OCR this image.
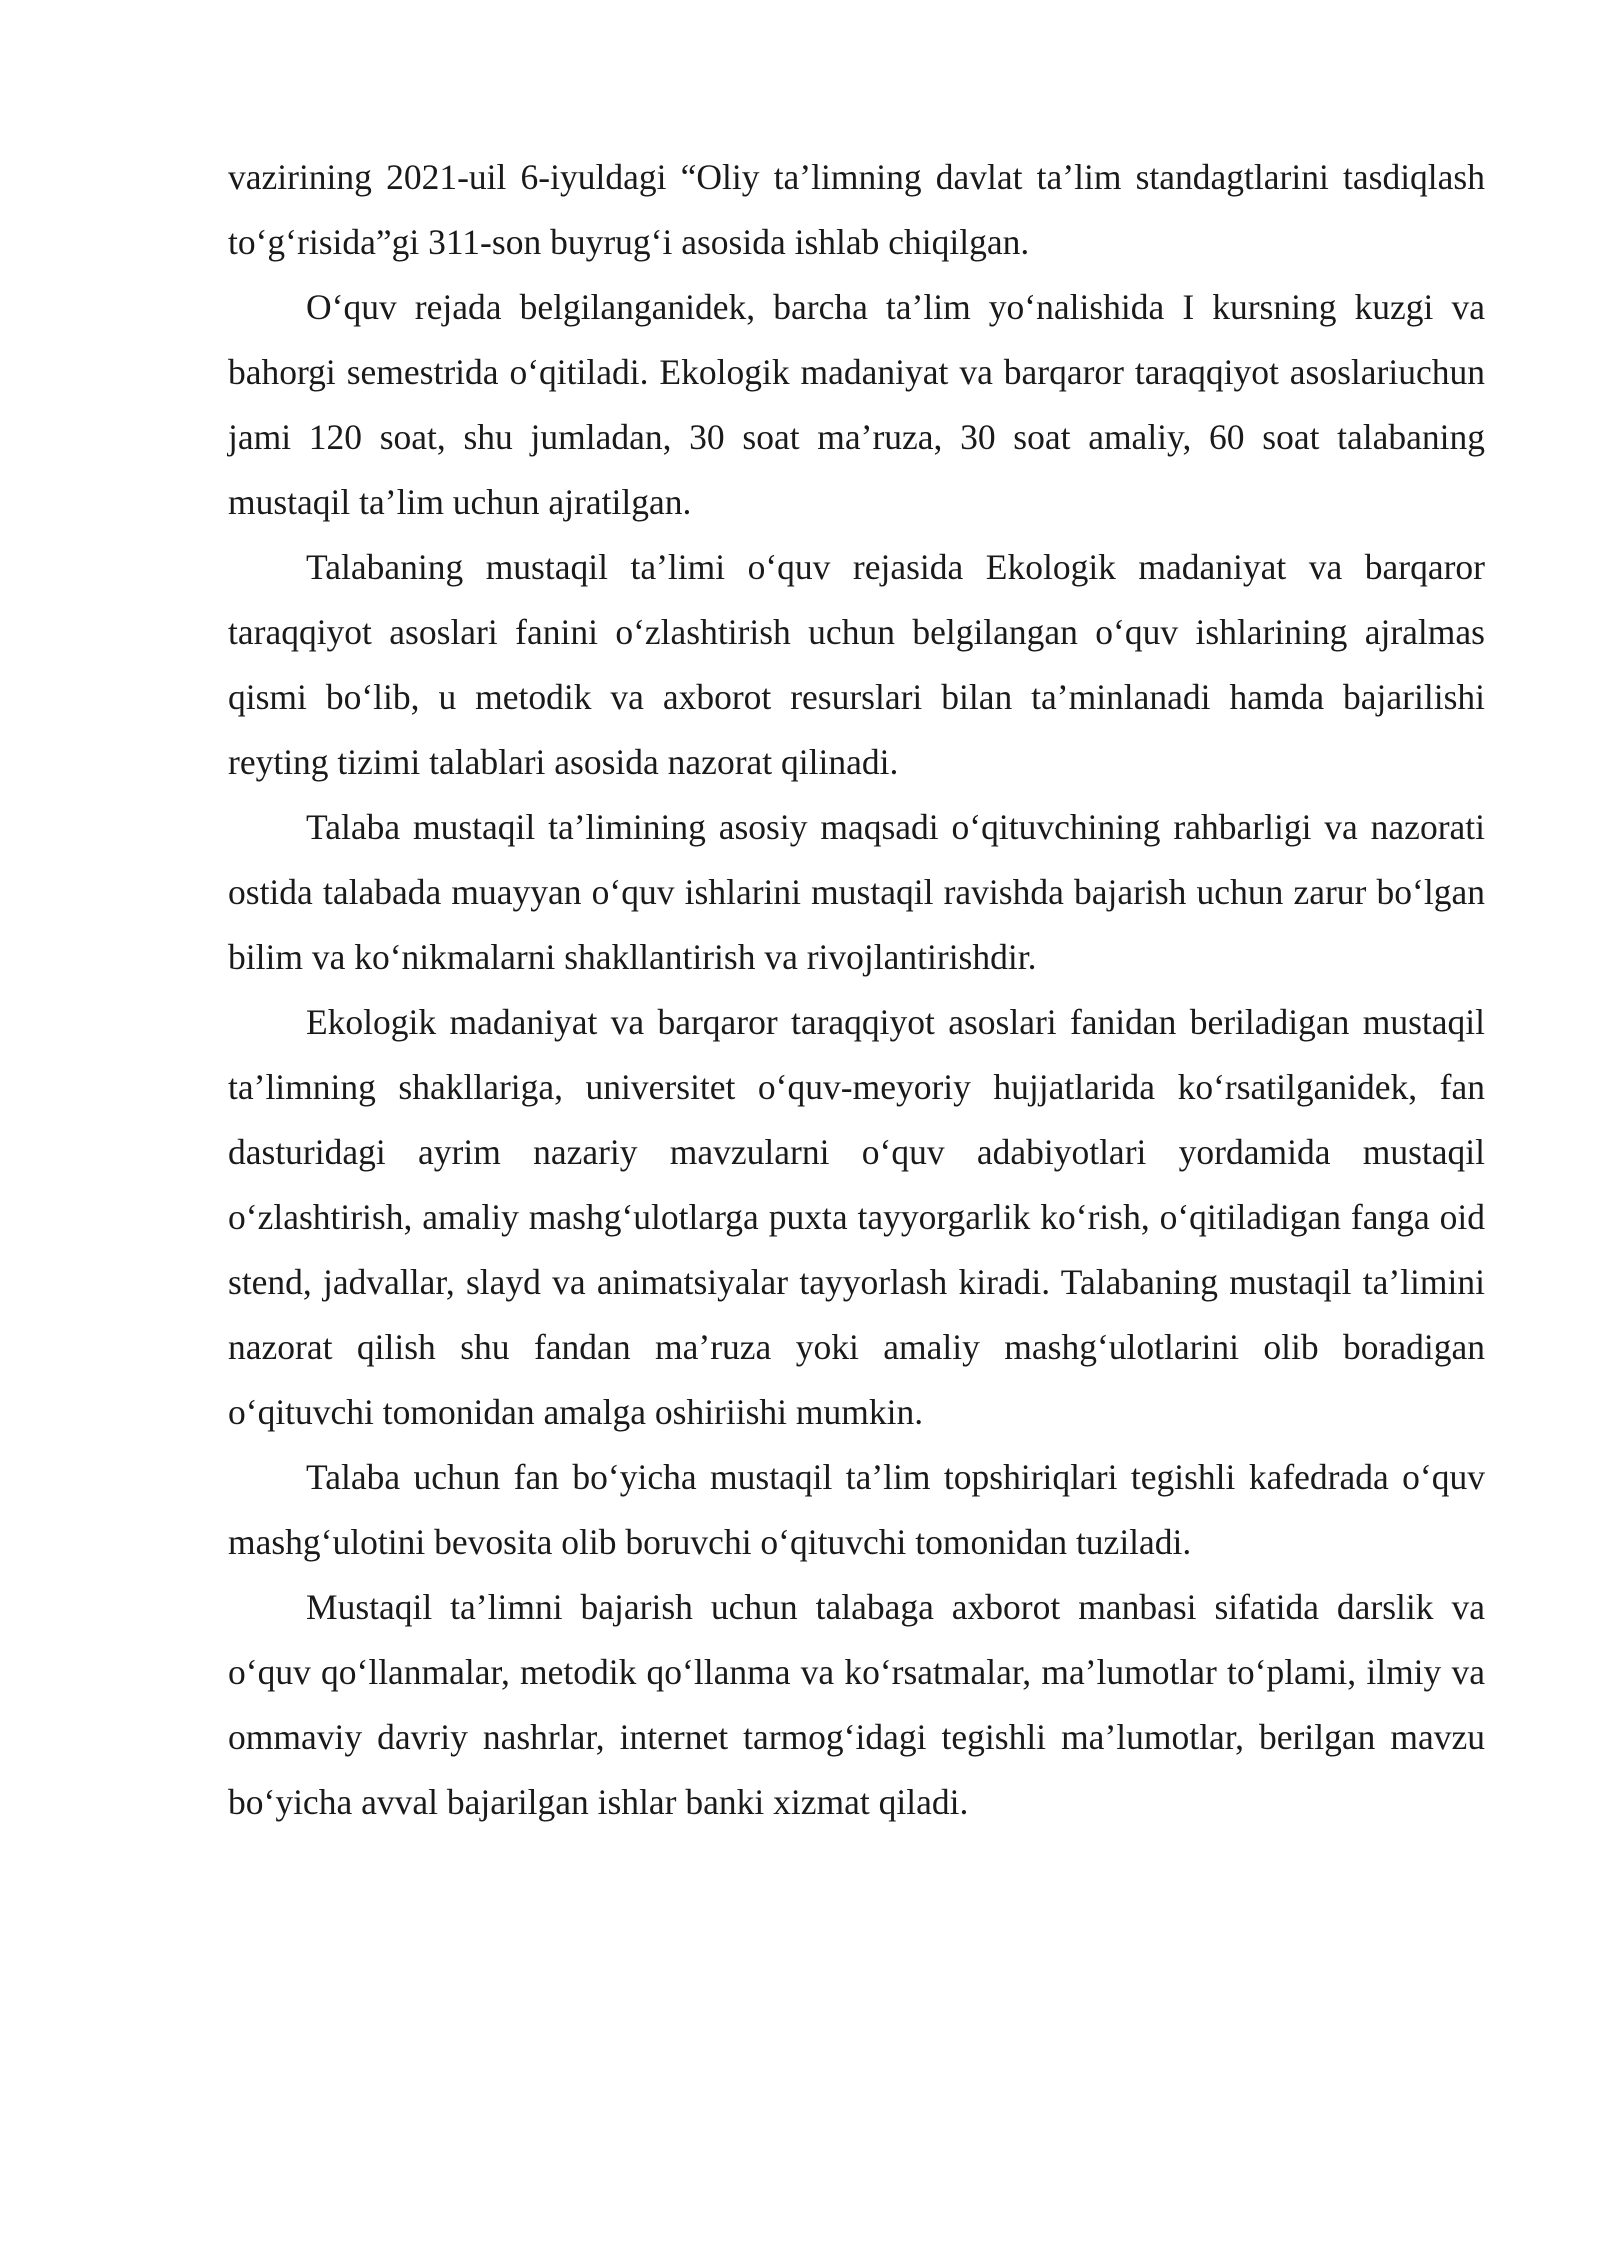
vazirining 2021-uil 6-iyuldagi “Oliy ta’limning davlat ta’lim standagtlarini tasdiqlash to‘g‘risida”gi 311-son buyrug‘i asosida ishlab chiqilgan.

O‘quv rejada belgilanganidek, barcha ta’lim yo‘nalishida I kursning kuzgi va bahorgi semestrida o‘qitiladi. Ekologik madaniyat va barqaror taraqqiyot asoslariuchun jami 120 soat, shu jumladan, 30 soat ma’ruza, 30 soat amaliy, 60 soat talabaning mustaqil ta’lim uchun ajratilgan.

Talabaning mustaqil ta’limi o‘quv rejasida Ekologik madaniyat va barqaror taraqqiyot asoslari fanini o‘zlashtirish uchun belgilangan o‘quv ishlarining ajralmas qismi bo‘lib, u metodik va axborot resurslari bilan ta’minlanadi hamda bajarilishi reyting tizimi talablari asosida nazorat qilinadi.

Talaba mustaqil ta’limining asosiy maqsadi o‘qituvchining rahbarligi va nazorati ostida talabada muayyan o‘quv ishlarini mustaqil ravishda bajarish uchun zarur bo‘lgan bilim va ko‘nikmalarni shakllantirish va rivojlantirishdir.

Ekologik madaniyat va barqaror taraqqiyot asoslari fanidan beriladigan mustaqil ta’limning shakllariga, universitet o‘quv-meyoriy hujjatlarida ko‘rsatilganidek, fan dasturidagi ayrim nazariy mavzularni o‘quv adabiyotlari yordamida mustaqil o‘zlashtirish, amaliy mashg‘ulotlarga puxta tayyorgarlik ko‘rish, o‘qitiladigan fanga oid stend, jadvallar, slayd va animatsiyalar tayyorlash kiradi. Talabaning mustaqil ta’limini nazorat qilish shu fandan ma’ruza yoki amaliy mashg‘ulotlarini olib boradigan o‘qituvchi tomonidan amalga oshiriishi mumkin.

Talaba uchun fan bo‘yicha mustaqil ta’lim topshiriqlari tegishli kafedrada o‘quv mashg‘ulotini bevosita olib boruvchi o‘qituvchi tomonidan tuziladi.

Mustaqil ta’limni bajarish uchun talabaga axborot manbasi sifatida darslik va o‘quv qo‘llanmalar, metodik qo‘llanma va ko‘rsatmalar, ma’lumotlar to‘plami, ilmiy va ommaviy davriy nashrlar, internet tarmog‘idagi tegishli ma’lumotlar, berilgan mavzu bo‘yicha avval bajarilgan ishlar banki xizmat qiladi.
